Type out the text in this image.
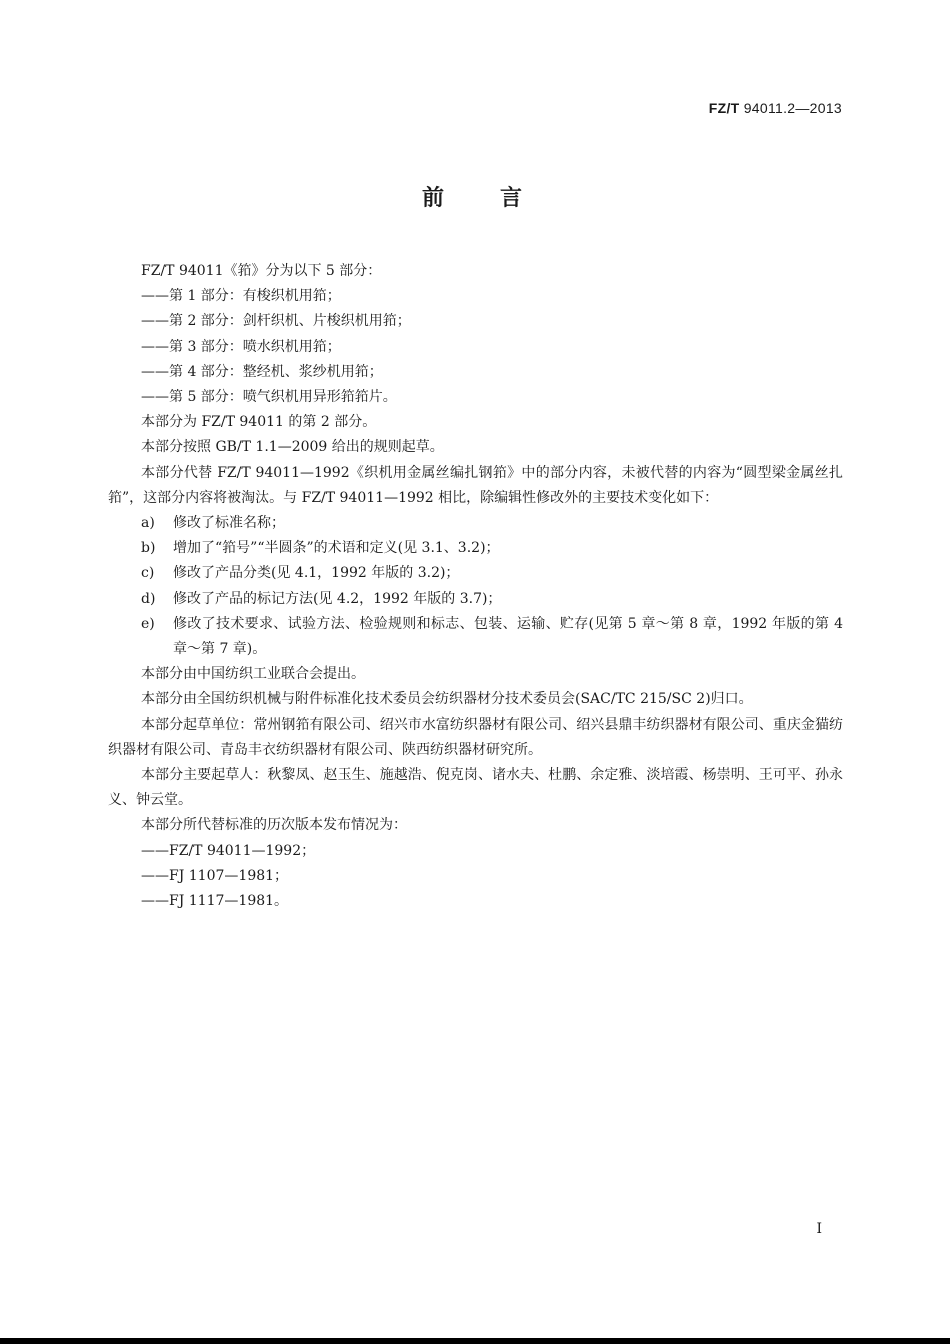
FZ/T 94011.2—2013
前言

FZ/T 94011《筘》分为以下 5 部分：

——第 1 部分：有梭织机用筘；

——第 2 部分：剑杆织机、片梭织机用筘；

——第 3 部分：喷水织机用筘；

——第 4 部分：整经机、浆纱机用筘；

——第 5 部分：喷气织机用异形筘筘片。

本部分为 FZ/T 94011 的第 2 部分。

本部分按照 GB/T 1.1—2009 给出的规则起草。

本部分代替 FZ/T 94011—1992《织机用金属丝编扎钢筘》中的部分内容，未被代替的内容为“圆型梁金属丝扎筘”，这部分内容将被淘汰。与 FZ/T 94011—1992 相比，除编辑性修改外的主要技术变化如下：

a) 修改了标准名称；

b) 增加了“筘号”“半圆条”的术语和定义(见 3.1、3.2)；

c) 修改了产品分类(见 4.1，1992 年版的 3.2)；

d) 修改了产品的标记方法(见 4.2，1992 年版的 3.7)；

e) 修改了技术要求、试验方法、检验规则和标志、包装、运输、贮存(见第 5 章～第 8 章，1992 年版的第 4 章～第 7 章)。

本部分由中国纺织工业联合会提出。

本部分由全国纺织机械与附件标准化技术委员会纺织器材分技术委员会(SAC/TC 215/SC 2)归口。

本部分起草单位：常州钢筘有限公司、绍兴市水富纺织器材有限公司、绍兴县鼎丰纺织器材有限公司、重庆金猫纺织器材有限公司、青岛丰衣纺织器材有限公司、陕西纺织器材研究所。

本部分主要起草人：秋黎凤、赵玉生、施越浩、倪克岗、诸水夫、杜鹏、余定雅、淡培霞、杨崇明、王可平、孙永义、钟云堂。

本部分所代替标准的历次版本发布情况为：

——FZ/T 94011—1992；

——FJ 1107—1981；

——FJ 1117—1981。

I
